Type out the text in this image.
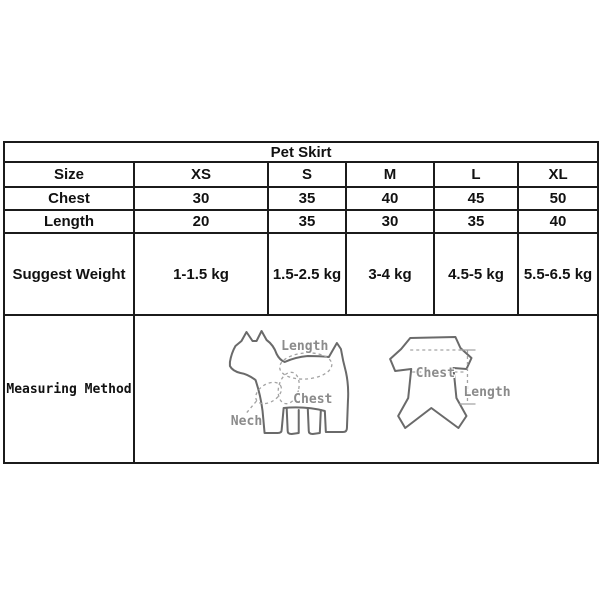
Pet Skirt					
Size	XS	S	M	L	XL
Chest	30	35	40	45	50
Length	20	35	30	35	40
Suggest Weight	1-1.5 kg	1.5-2.5 kg	3-4 kg	4.5-5 kg	5.5-6.5 kg
Measuring Method	Length
Chest
Nech
Chest
Length				
